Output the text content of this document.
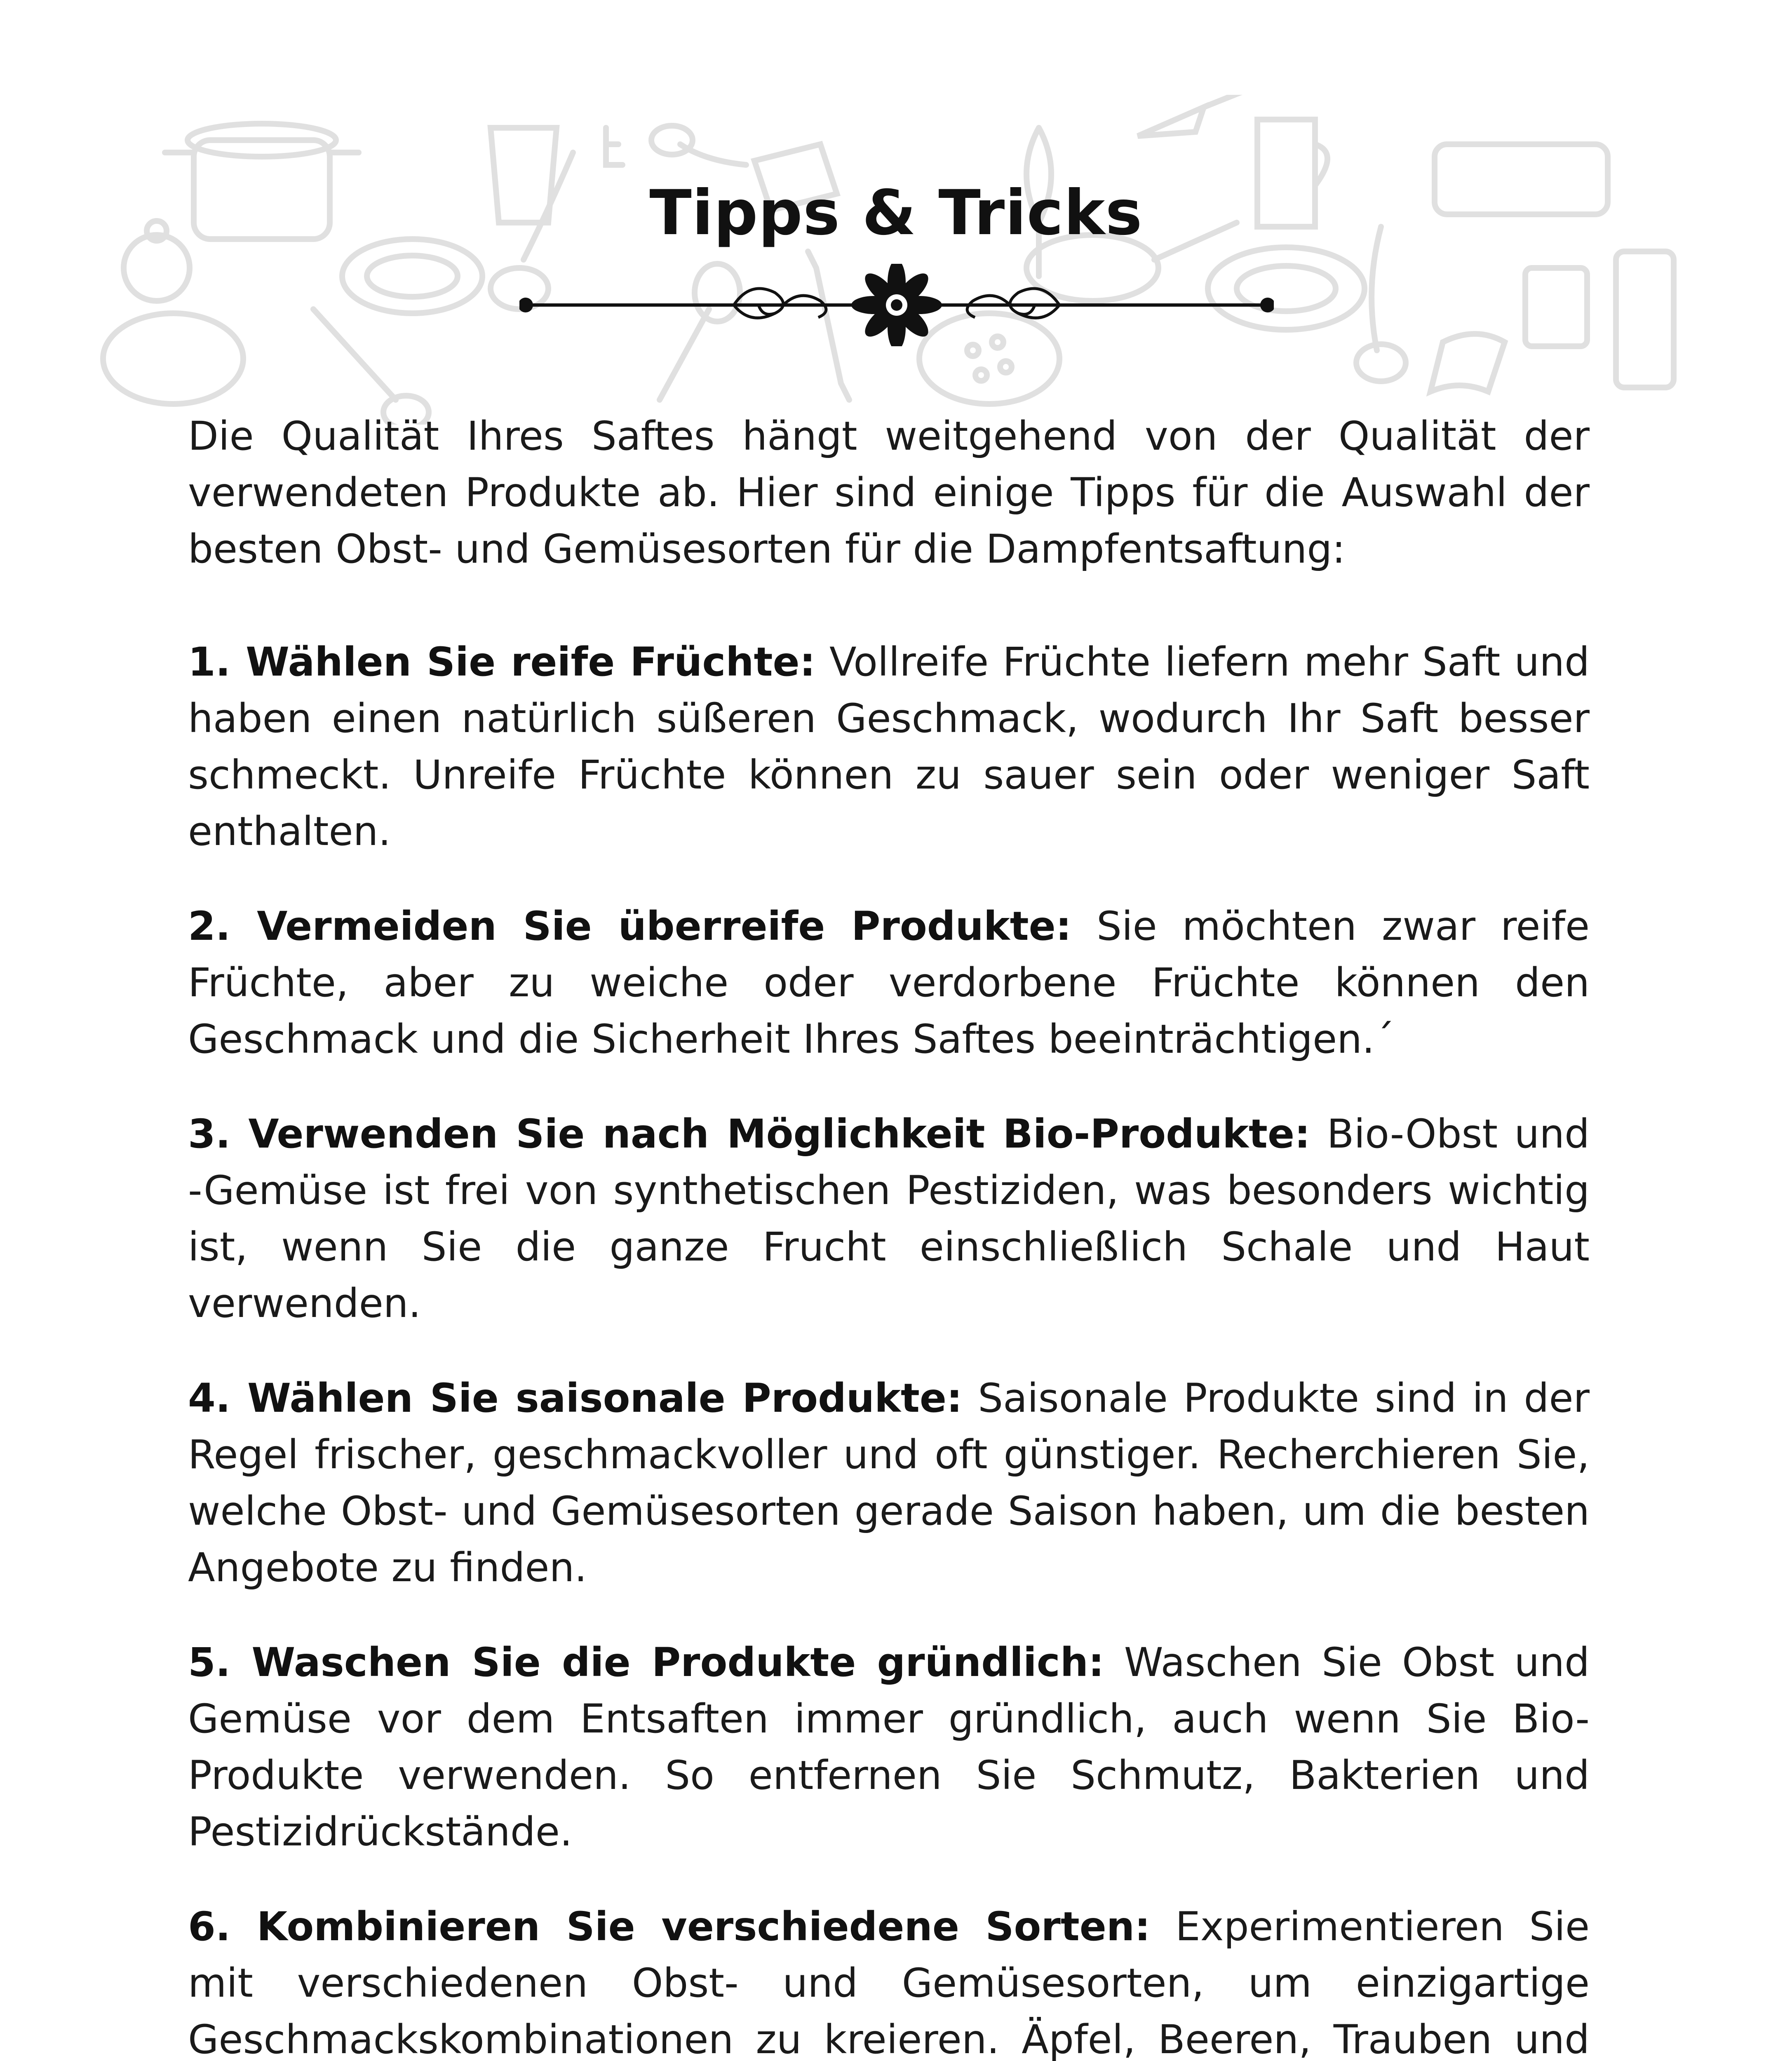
Tipps & Tricks

Die Qualität Ihres Saftes hängt weitgehend von der Qualität der verwendeten Produkte ab. Hier sind einige Tipps für die Auswahl der besten Obst- und Gemüsesorten für die Dampfentsaftung:

1. Wählen Sie reife Früchte: Vollreife Früchte liefern mehr Saft und haben einen natürlich süßeren Geschmack, wodurch Ihr Saft besser schmeckt. Unreife Früchte können zu sauer sein oder weniger Saft enthalten.

2. Vermeiden Sie überreife Produkte: Sie möchten zwar reife Früchte, aber zu weiche oder verdorbene Früchte können den Geschmack und die Sicherheit Ihres Saftes beeinträchtigen.´

3. Verwenden Sie nach Möglichkeit Bio-Produkte: Bio-Obst und -Gemüse ist frei von synthetischen Pestiziden, was besonders wichtig ist, wenn Sie die ganze Frucht einschließlich Schale und Haut verwenden.

4. Wählen Sie saisonale Produkte: Saisonale Produkte sind in der Regel frischer, geschmackvoller und oft günstiger. Recherchieren Sie, welche Obst- und Gemüsesorten gerade Saison haben, um die besten Angebote zu finden.

5. Waschen Sie die Produkte gründlich: Waschen Sie Obst und Gemüse vor dem Entsaften immer gründlich, auch wenn Sie Bio-Produkte verwenden. So entfernen Sie Schmutz, Bakterien und Pestizidrückstände.

6. Kombinieren Sie verschiedene Sorten: Experimentieren Sie mit verschiedenen Obst- und Gemüsesorten, um einzigartige Geschmackskombinationen zu kreieren. Äpfel, Beeren, Trauben und
